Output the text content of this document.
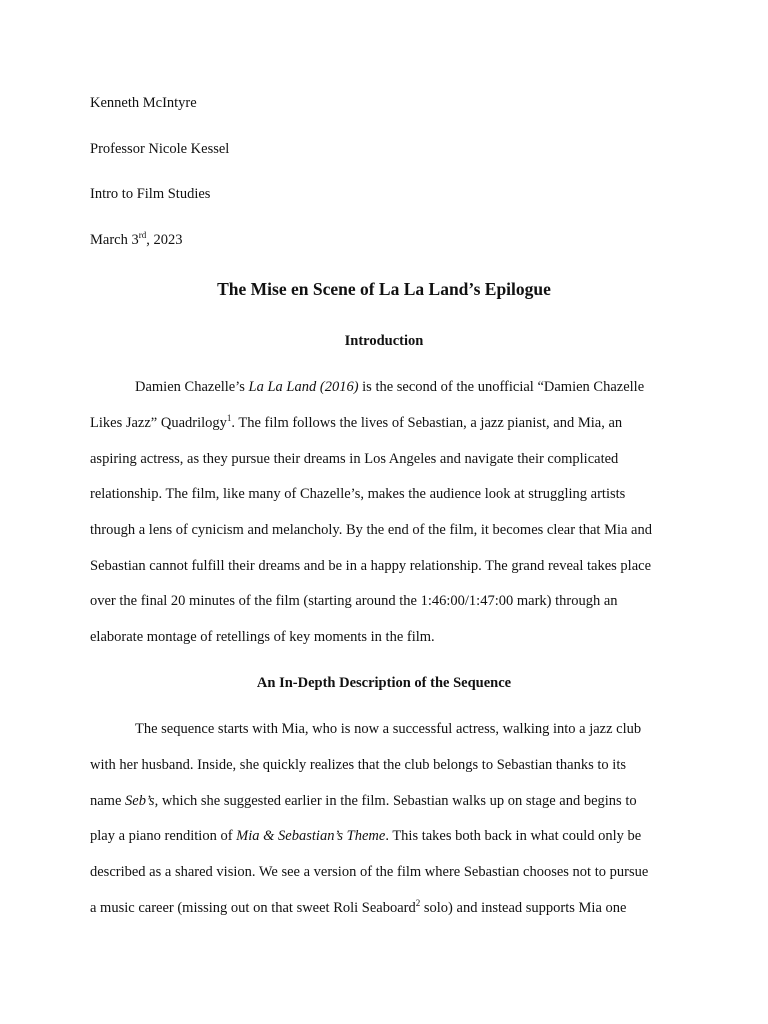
Kenneth McIntyre

Professor Nicole Kessel

Intro to Film Studies

March 3rd, 2023

The Mise en Scene of La La Land’s Epilogue
Introduction

Damien Chazelle’s La La Land (2016) is the second of the unofficial “Damien Chazelle

Likes Jazz” Quadrilogy$^1$. The film follows the lives of Sebastian, a jazz pianist, and Mia, an

aspiring actress, as they pursue their dreams in Los Angeles and navigate their complicated

relationship. The film, like many of Chazelle’s, makes the audience look at struggling artists

through a lens of cynicism and melancholy. By the end of the film, it becomes clear that Mia and

Sebastian cannot fulfill their dreams and be in a happy relationship. The grand reveal takes place

over the final 20 minutes of the film (starting around the 1:46:00/1:47:00 mark) through an

elaborate montage of retellings of key moments in the film.

An In-Depth Description of the Sequence

The sequence starts with Mia, who is now a successful actress, walking into a jazz club

with her husband. Inside, she quickly realizes that the club belongs to Sebastian thanks to its

name Seb’s, which she suggested earlier in the film. Sebastian walks up on stage and begins to

play a piano rendition of Mia & Sebastian’s Theme. This takes both back in what could only be

described as a shared vision. We see a version of the film where Sebastian chooses not to pursue

a music career (missing out on that sweet Roli Seaboard$^2$ solo) and instead supports Mia one
